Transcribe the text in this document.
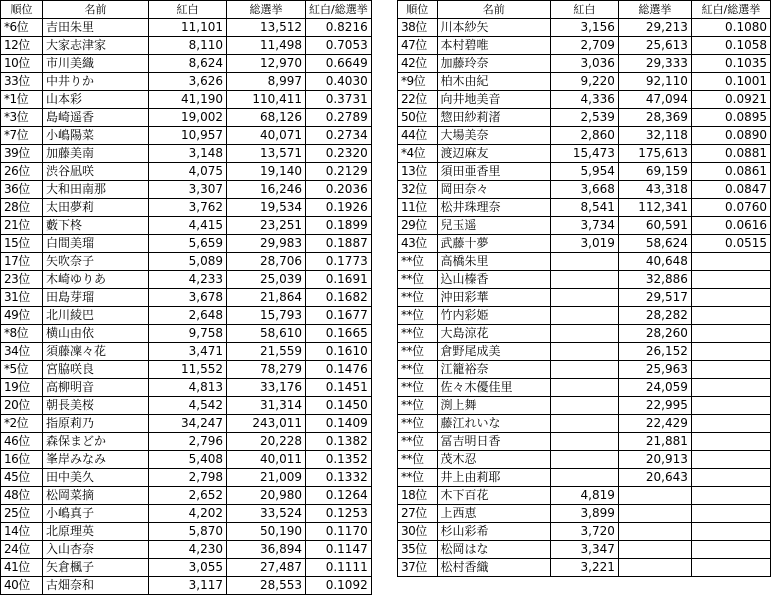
順位	名前	紅白	総選挙	紅白/総選挙
*6位	吉田朱里	11,101	13,512	0.8216
12位	大家志津家	8,110	11,498	0.7053
10位	市川美織	8,624	12,970	0.6649
33位	中井りか	3,626	8,997	0.4030
*1位	山本彩	41,190	110,411	0.3731
*3位	島崎遥香	19,002	68,126	0.2789
*7位	小嶋陽菜	10,957	40,071	0.2734
39位	加藤美南	3,148	13,571	0.2320
26位	渋谷凪咲	4,075	19,140	0.2129
36位	大和田南那	3,307	16,246	0.2036
28位	太田夢莉	3,762	19,534	0.1926
21位	藪下柊	4,415	23,251	0.1899
15位	白間美瑠	5,659	29,983	0.1887
17位	矢吹奈子	5,089	28,706	0.1773
23位	木崎ゆりあ	4,233	25,039	0.1691
31位	田島芽瑠	3,678	21,864	0.1682
49位	北川綾巴	2,648	15,793	0.1677
*8位	横山由依	9,758	58,610	0.1665
34位	須藤凜々花	3,471	21,559	0.1610
*5位	宮脇咲良	11,552	78,279	0.1476
19位	高柳明音	4,813	33,176	0.1451
20位	朝長美桜	4,542	31,314	0.1450
*2位	指原莉乃	34,247	243,011	0.1409
46位	森保まどか	2,796	20,228	0.1382
16位	峯岸みなみ	5,408	40,011	0.1352
45位	田中美久	2,798	21,009	0.1332
48位	松岡菜摘	2,652	20,980	0.1264
25位	小嶋真子	4,202	33,524	0.1253
14位	北原理英	5,870	50,190	0.1170
24位	入山杏奈	4,230	36,894	0.1147
41位	矢倉楓子	3,055	27,487	0.1111
40位	古畑奈和	3,117	28,553	0.1092
順位	名前	紅白	総選挙	紅白/総選挙
38位	川本紗矢	3,156	29,213	0.1080
47位	本村碧唯	2,709	25,613	0.1058
42位	加藤玲奈	3,036	29,333	0.1035
*9位	柏木由紀	9,220	92,110	0.1001
22位	向井地美音	4,336	47,094	0.0921
50位	惣田紗莉渚	2,539	28,369	0.0895
44位	大場美奈	2,860	32,118	0.0890
*4位	渡辺麻友	15,473	175,613	0.0881
13位	須田亜香里	5,954	69,159	0.0861
32位	岡田奈々	3,668	43,318	0.0847
11位	松井珠理奈	8,541	112,341	0.0760
29位	兒玉遥	3,734	60,591	0.0616
43位	武藤十夢	3,019	58,624	0.0515
**位	高橋朱里		40,648	
**位	込山榛香		32,886	
**位	沖田彩華		29,517	
**位	竹内彩姫		28,282	
**位	大島涼花		28,260	
**位	倉野尾成美		26,152	
**位	江籠裕奈		25,963	
**位	佐々木優佳里		24,059	
**位	渕上舞		22,995	
**位	藤江れいな		22,429	
**位	冨吉明日香		21,881	
**位	茂木忍		20,913	
**位	井上由莉耶		20,643	
18位	木下百花	4,819		
27位	上西恵	3,899		
30位	杉山彩希	3,720		
35位	松岡はな	3,347		
37位	松村香織	3,221		
